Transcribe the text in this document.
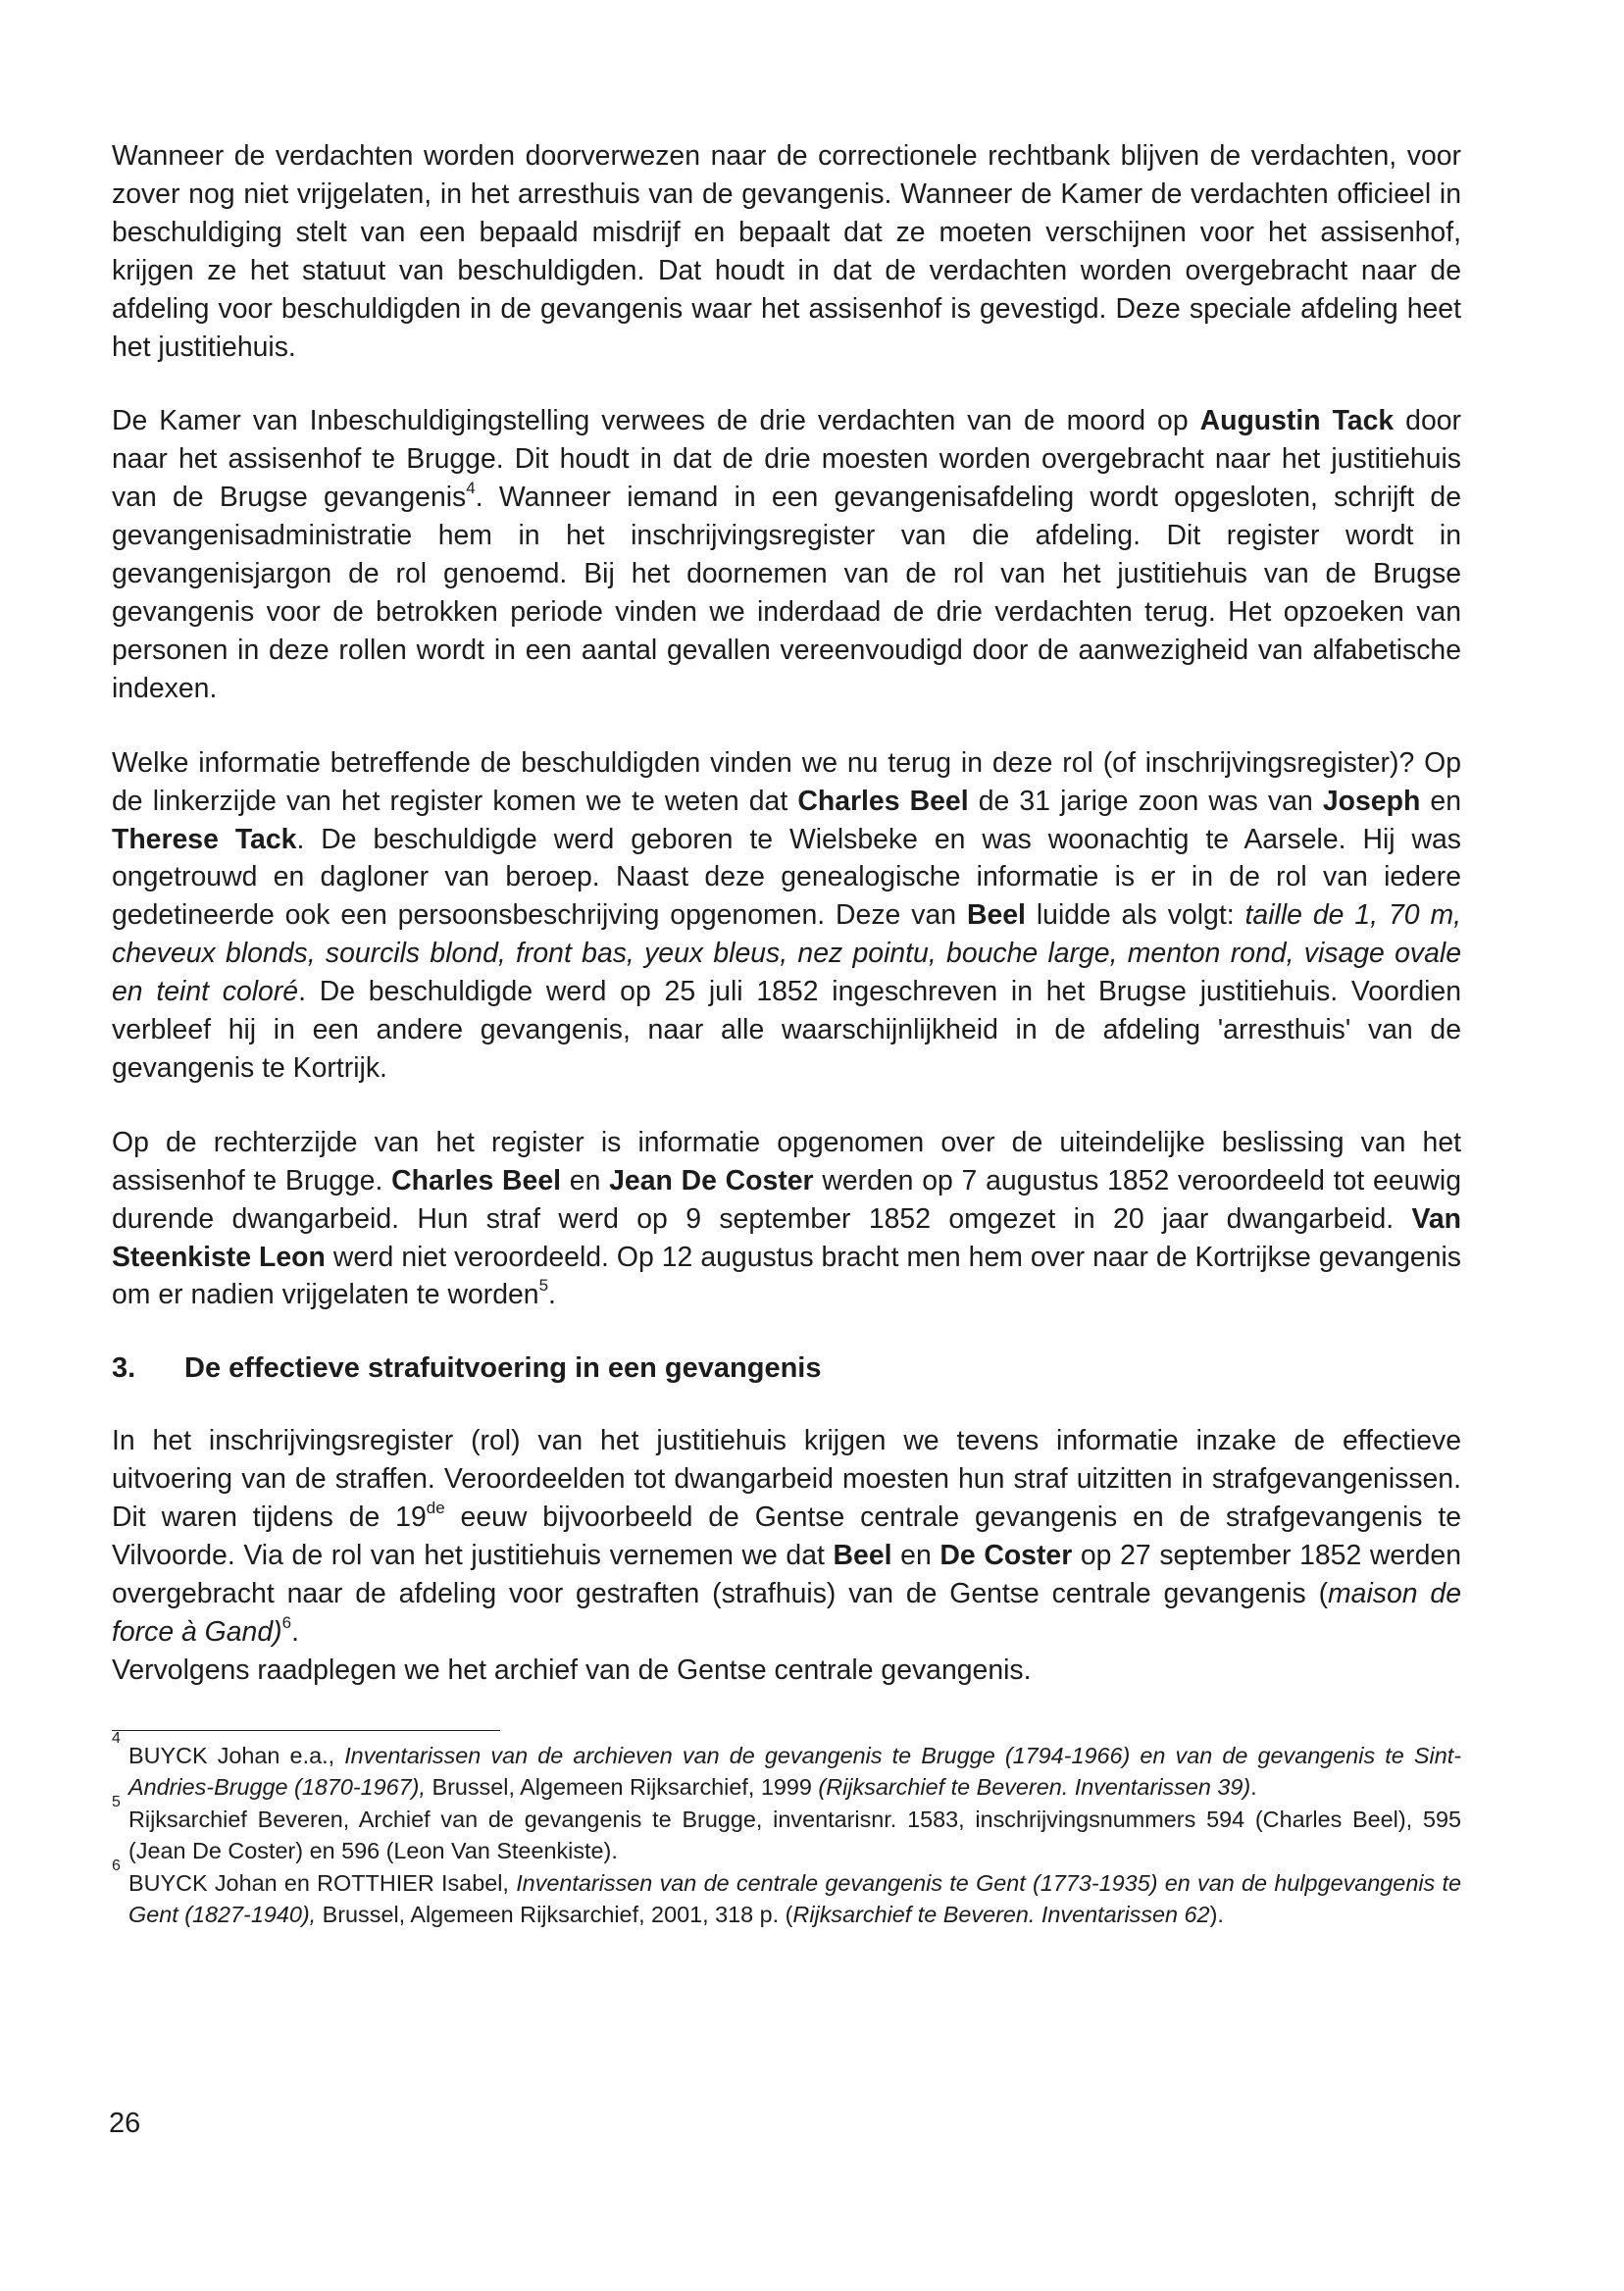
Wanneer de verdachten worden doorverwezen naar de correctionele rechtbank blijven de verdachten, voor zover nog niet vrijgelaten, in het arresthuis van de gevangenis. Wanneer de Kamer de verdachten officieel in beschuldiging stelt van een bepaald misdrijf en bepaalt dat ze moeten verschijnen voor het assisenhof, krijgen ze het statuut van beschuldigden. Dat houdt in dat de verdachten worden overgebracht naar de afdeling voor beschuldigden in de gevangenis waar het assisenhof is gevestigd. Deze speciale afdeling heet het justitiehuis.

De Kamer van Inbeschuldigingstelling verwees de drie verdachten van de moord op Augustin Tack door naar het assisenhof te Brugge. Dit houdt in dat de drie moesten worden overgebracht naar het justitiehuis van de Brugse gevangenis$^4$. Wanneer iemand in een gevangenisafdeling wordt opgesloten, schrijft de gevangenisadministratie hem in het inschrijvingsregister van die afdeling. Dit register wordt in gevangenisjargon de rol genoemd. Bij het doornemen van de rol van het justitiehuis van de Brugse gevangenis voor de betrokken periode vinden we inderdaad de drie verdachten terug. Het opzoeken van personen in deze rollen wordt in een aantal gevallen vereenvoudigd door de aanwezigheid van alfabetische indexen.

Welke informatie betreffende de beschuldigden vinden we nu terug in deze rol (of inschrijvingsregister)? Op de linkerzijde van het register komen we te weten dat Charles Beel de 31 jarige zoon was van Joseph en Therese Tack. De beschuldigde werd geboren te Wielsbeke en was woonachtig te Aarsele. Hij was ongetrouwd en dagloner van beroep. Naast deze genealogische informatie is er in de rol van iedere gedetineerde ook een persoonsbeschrijving opgenomen. Deze van Beel luidde als volgt: taille de 1, 70 m, cheveux blonds, sourcils blond, front bas, yeux bleus, nez pointu, bouche large, menton rond, visage ovale en teint coloré. De beschuldigde werd op 25 juli 1852 ingeschreven in het Brugse justitiehuis. Voordien verbleef hij in een andere gevangenis, naar alle waarschijnlijkheid in de afdeling 'arresthuis' van de gevangenis te Kortrijk.

Op de rechterzijde van het register is informatie opgenomen over de uiteindelijke beslissing van het assisenhof te Brugge. Charles Beel en Jean De Coster werden op 7 augustus 1852 veroordeeld tot eeuwig durende dwangarbeid. Hun straf werd op 9 september 1852 omgezet in 20 jaar dwangarbeid. Van Steenkiste Leon werd niet veroordeeld. Op 12 augustus bracht men hem over naar de Kortrijkse gevangenis om er nadien vrijgelaten te worden$^5$.

3.	De effectieve strafuitvoering in een gevangenis

In het inschrijvingsregister (rol) van het justitiehuis krijgen we tevens informatie inzake de effectieve uitvoering van de straffen. Veroordeelden tot dwangarbeid moesten hun straf uitzitten in strafgevangenissen. Dit waren tijdens de 19de eeuw bijvoorbeeld de Gentse centrale gevangenis en de strafgevangenis te Vilvoorde. Via de rol van het justitiehuis vernemen we dat Beel en De Coster op 27 september 1852 werden overgebracht naar de afdeling voor gestraften (strafhuis) van de Gentse centrale gevangenis (maison de force à Gand)$^6$.

Vervolgens raadplegen we het archief van de Gentse centrale gevangenis.

4
BUYCK Johan e.a., Inventarissen van de archieven van de gevangenis te Brugge (1794-1966) en van de gevangenis te Sint-Andries-Brugge (1870-1967), Brussel, Algemeen Rijksarchief, 1999 (Rijksarchief te Beveren. Inventarissen 39).

5
Rijksarchief Beveren, Archief van de gevangenis te Brugge, inventarisnr. 1583, inschrijvingsnummers 594 (Charles Beel), 595 (Jean De Coster) en 596 (Leon Van Steenkiste).

6
BUYCK Johan en ROTTHIER Isabel, Inventarissen van de centrale gevangenis te Gent (1773-1935) en van de hulpgevangenis te Gent (1827-1940), Brussel, Algemeen Rijksarchief, 2001, 318 p. (Rijksarchief te Beveren. Inventarissen 62).

26
